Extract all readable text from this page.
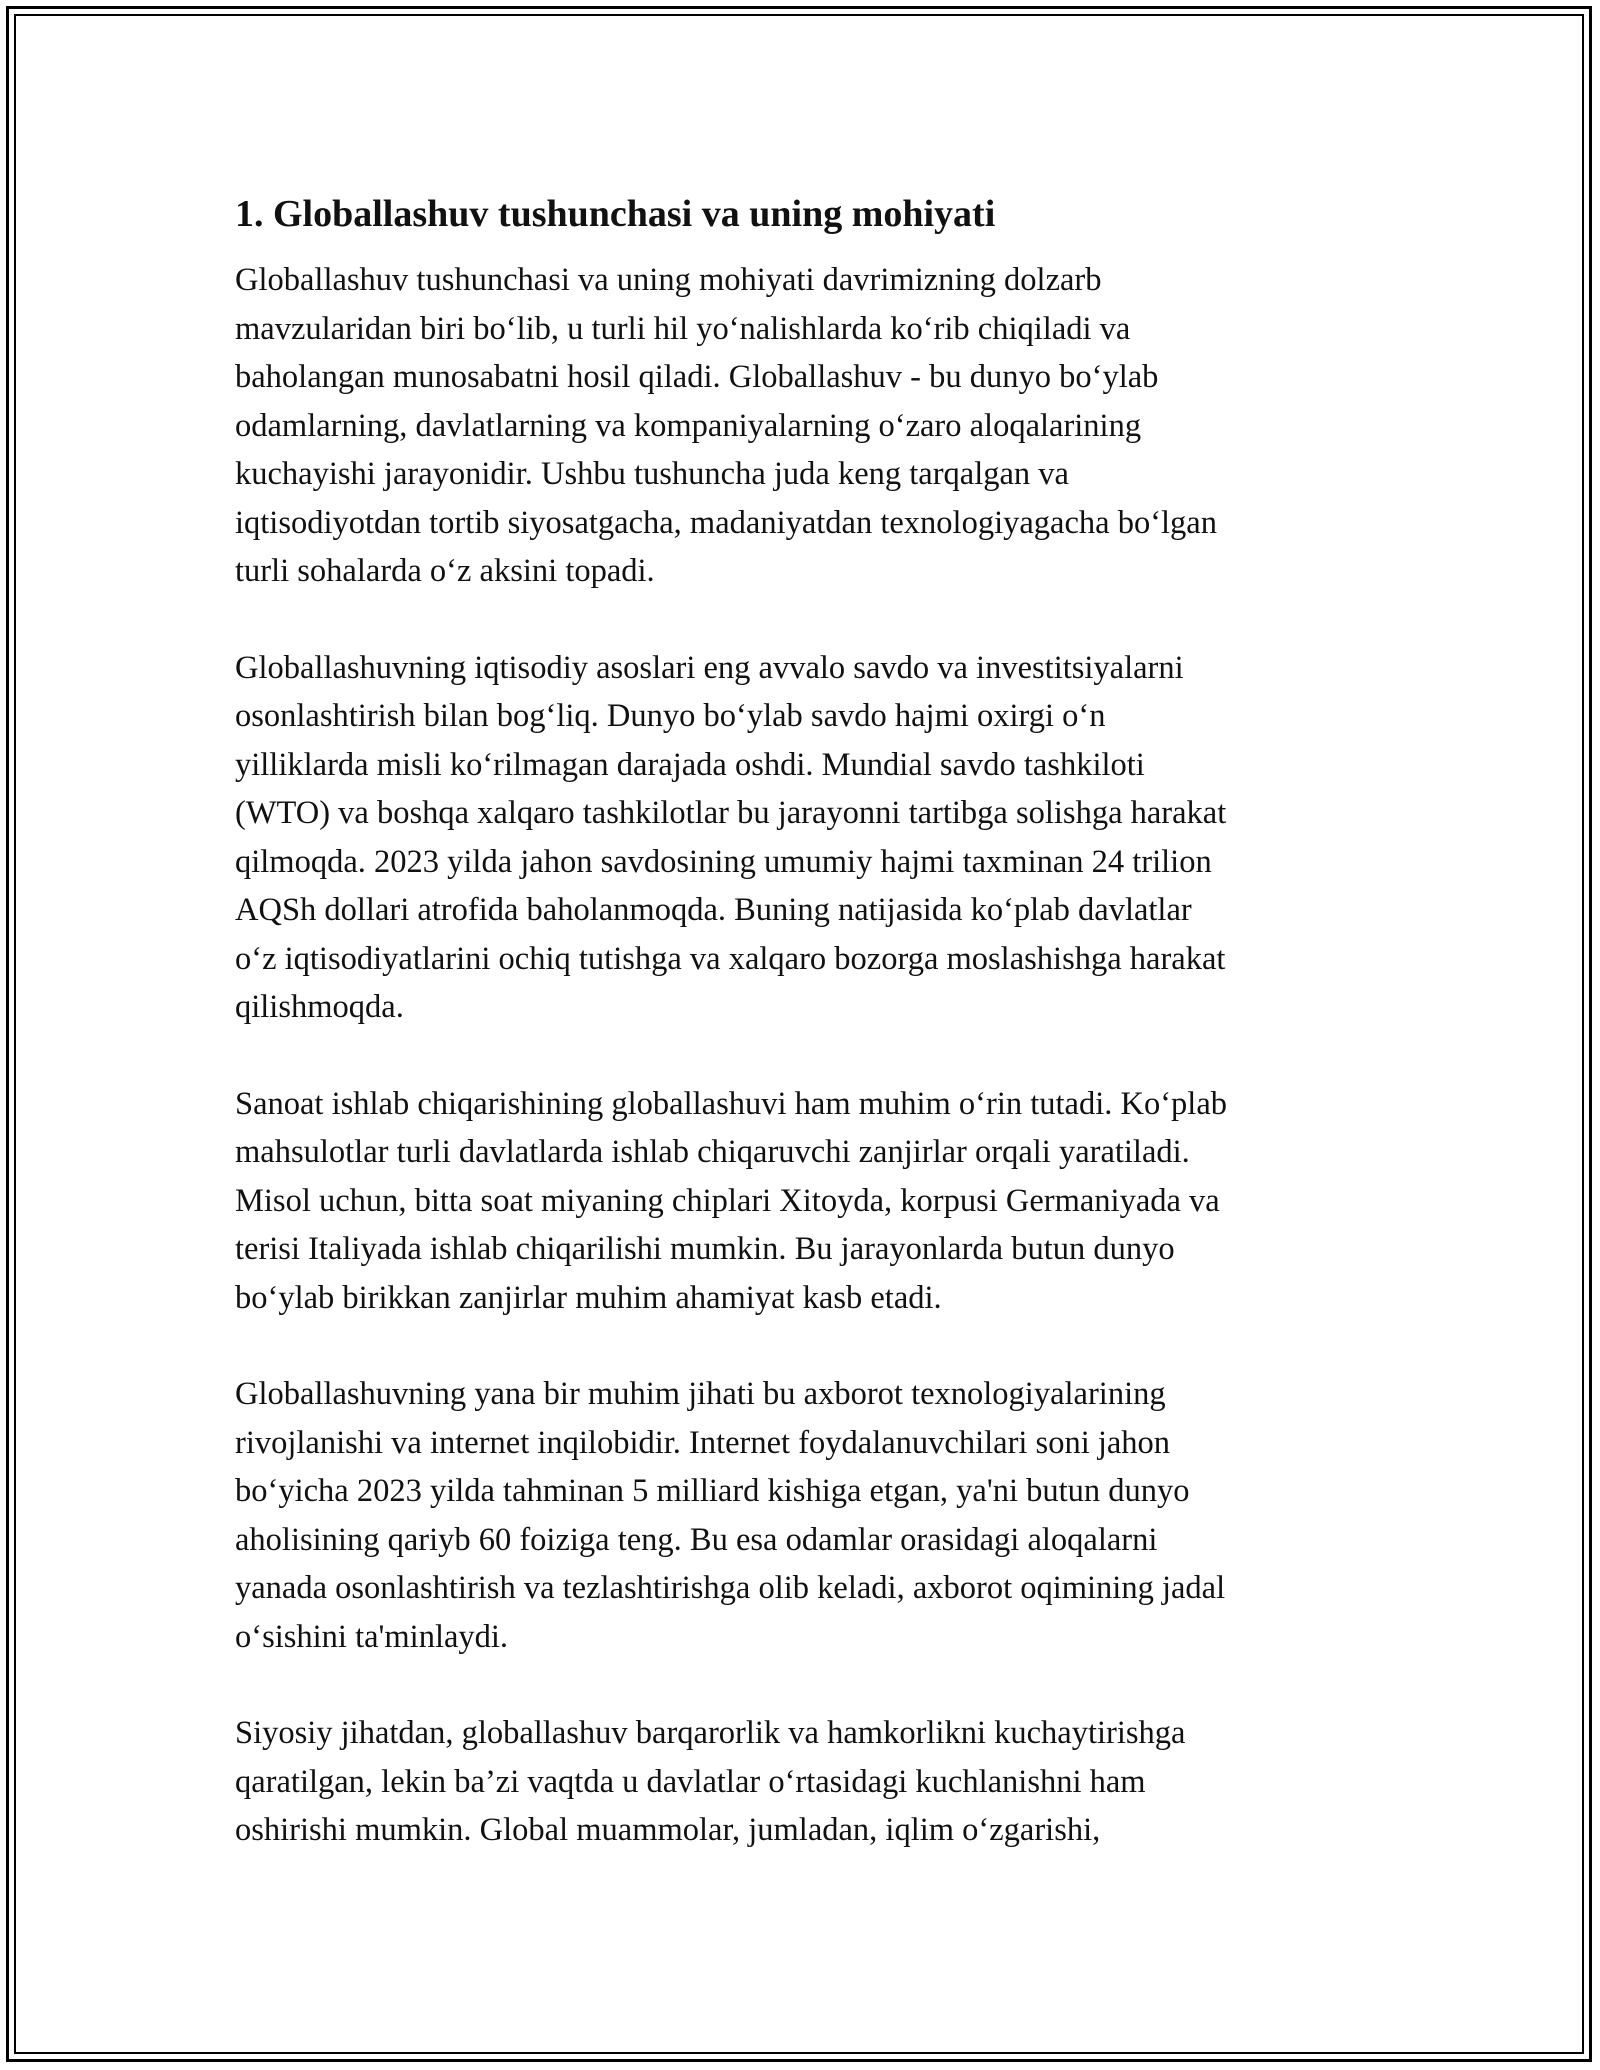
1. Globallashuv tushunchasi va uning mohiyati

Globallashuv tushunchasi va uning mohiyati davrimizning dolzarb
mavzularidan biri bo‘lib, u turli hil yo‘nalishlarda ko‘rib chiqiladi va
baholangan munosabatni hosil qiladi. Globallashuv - bu dunyo bo‘ylab
odamlarning, davlatlarning va kompaniyalarning o‘zaro aloqalarining
kuchayishi jarayonidir. Ushbu tushuncha juda keng tarqalgan va
iqtisodiyotdan tortib siyosatgacha, madaniyatdan texnologiyagacha bo‘lgan
turli sohalarda o‘z aksini topadi.

Globallashuvning iqtisodiy asoslari eng avvalo savdo va investitsiyalarni
osonlashtirish bilan bog‘liq. Dunyo bo‘ylab savdo hajmi oxirgi o‘n
yilliklarda misli ko‘rilmagan darajada oshdi. Mundial savdo tashkiloti
(WTO) va boshqa xalqaro tashkilotlar bu jarayonni tartibga solishga harakat
qilmoqda. 2023 yilda jahon savdosining umumiy hajmi taxminan 24 trilion
AQSh dollari atrofida baholanmoqda. Buning natijasida ko‘plab davlatlar
o‘z iqtisodiyatlarini ochiq tutishga va xalqaro bozorga moslashishga harakat
qilishmoqda.

Sanoat ishlab chiqarishining globallashuvi ham muhim o‘rin tutadi. Ko‘plab
mahsulotlar turli davlatlarda ishlab chiqaruvchi zanjirlar orqali yaratiladi.
Misol uchun, bitta soat miyaning chiplari Xitoyda, korpusi Germaniyada va
terisi Italiyada ishlab chiqarilishi mumkin. Bu jarayonlarda butun dunyo
bo‘ylab birikkan zanjirlar muhim ahamiyat kasb etadi.

Globallashuvning yana bir muhim jihati bu axborot texnologiyalarining
rivojlanishi va internet inqilobidir. Internet foydalanuvchilari soni jahon
bo‘yicha 2023 yilda tahminan 5 milliard kishiga etgan, ya'ni butun dunyo
aholisining qariyb 60 foiziga teng. Bu esa odamlar orasidagi aloqalarni
yanada osonlashtirish va tezlashtirishga olib keladi, axborot oqimining jadal
o‘sishini ta'minlaydi.

Siyosiy jihatdan, globallashuv barqarorlik va hamkorlikni kuchaytirishga
qaratilgan, lekin ba’zi vaqtda u davlatlar o‘rtasidagi kuchlanishni ham
oshirishi mumkin. Global muammolar, jumladan, iqlim o‘zgarishi,
